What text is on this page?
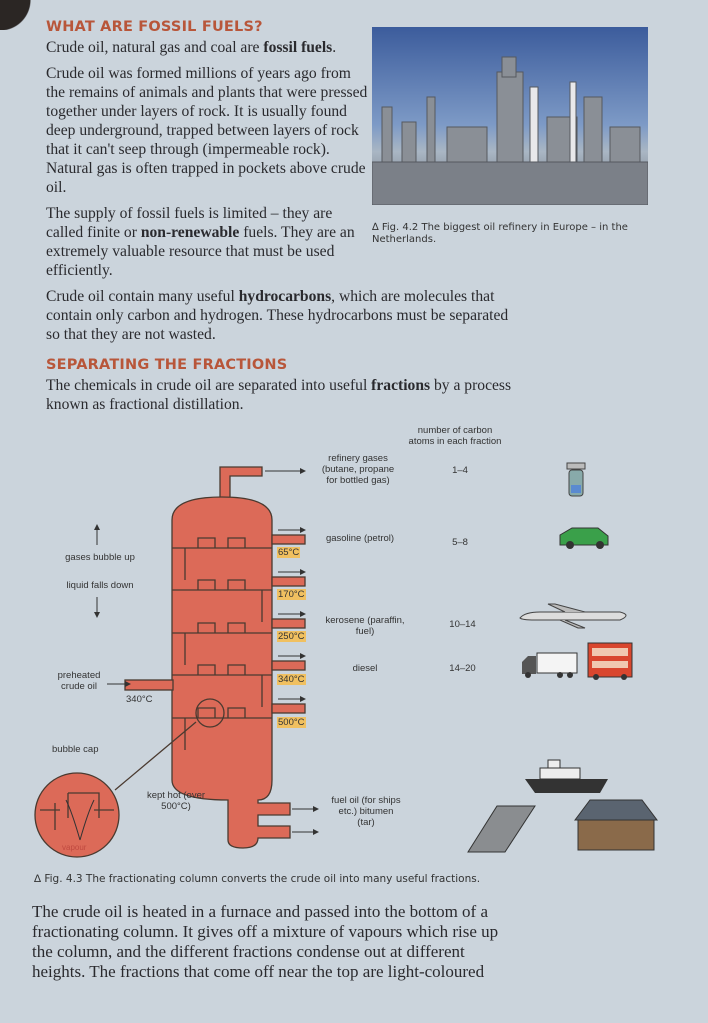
WHAT ARE FOSSIL FUELS?

Crude oil, natural gas and coal are fossil fuels.

Crude oil was formed millions of years ago from the remains of animals and plants that were pressed together under layers of rock. It is usually found deep underground, trapped between layers of rock that it can't seep through (impermeable rock). Natural gas is often trapped in pockets above crude oil.

The supply of fossil fuels is limited – they are called finite or non-renewable fuels. They are an extremely valuable resource that must be used efficiently.

Crude oil contain many useful hydrocarbons, which are molecules that contain only carbon and hydrogen. These hydrocarbons must be separated so that they are not wasted.

SEPARATING THE FRACTIONS

The chemicals in crude oil are separated into useful fractions by a process known as fractional distillation.

∆ Fig. 4.2 The biggest oil refinery in Europe – in the Netherlands.
number of carbon atoms in each fraction
gases bubble up
liquid falls down
preheated crude oil
340°C
bubble cap
vapour
kept hot (over 500°C)
65°C
170°C
250°C
340°C
500°C
refinery gases (butane, propane for bottled gas)
1–4
gasoline (petrol)	5–8
kerosene (paraffin, fuel)
10–14
diesel	14–20
fuel oil (for ships etc.) bitumen (tar)
∆ Fig. 4.3 The fractionating column converts the crude oil into many useful fractions.
The crude oil is heated in a furnace and passed into the bottom of a fractionating column. It gives off a mixture of vapours which rise up the column, and the different fractions condense out at different heights. The fractions that come off near the top are light-coloured
